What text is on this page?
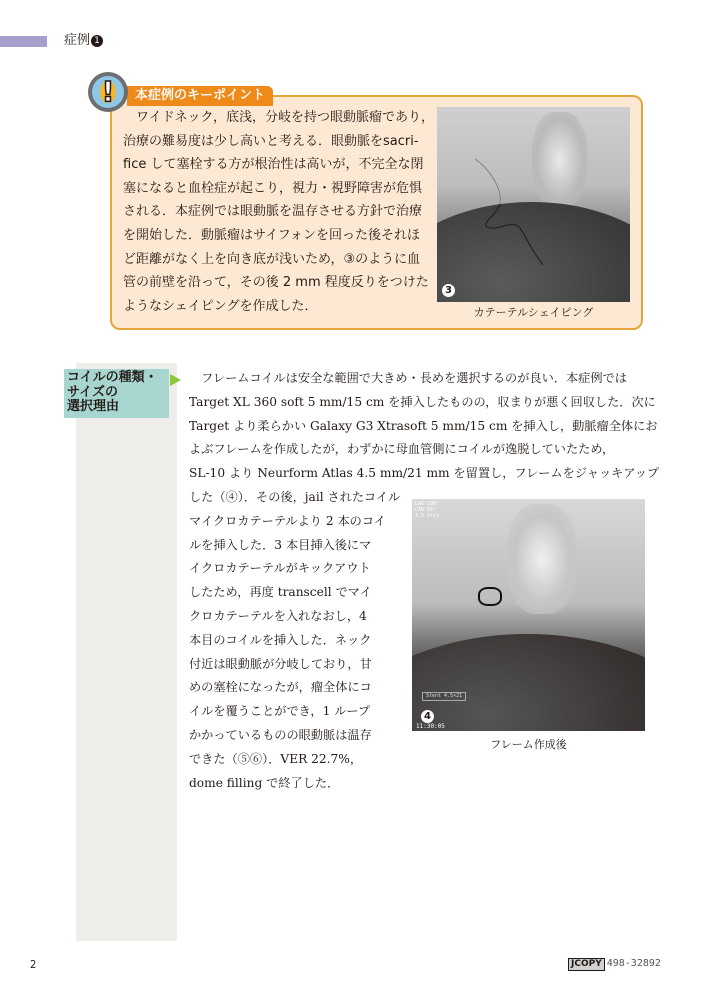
症例 1
!	本症例のキーポイント

　ワイドネック，底浅，分岐を持つ眼動脈瘤であり，

治療の難易度は少し高いと考える．眼動脈をsacri-

fice して塞栓する方が根治性は高いが，不完全な閉

塞になると血栓症が起こり，視力・視野障害が危惧

される．本症例では眼動脈を温存させる方針で治療

を開始した．動脈瘤はサイフォンを回った後それほ

ど距離がなく上を向き底が浅いため，③のように血

管の前壁を沿って，その後 2 mm 程度反りをつけた

ようなシェイピングを作成した．

3
カテーテルシェイピング
コイルの種類・
サイズの
選択理由
　フレームコイルは安全な範囲で大きめ・長めを選択するのが良い．本症例では
Target XL 360 soft 5 mm/15 cm を挿入したものの，収まりが悪く回収した．次に
Target より柔らかい Galaxy G3 Xtrasoft 5 mm/15 cm を挿入し，動脈瘤全体にお
よぶフレームを作成したが，わずかに母血管側にコイルが逸脱していたため，
SL-10 より Neurform Atlas 4.5 mm/21 mm を留置し，フレームをジャッキアップ
した（④）．その後，jail されたコイル
マイクロカテーテルより 2 本のコイ
ルを挿入した．3 本目挿入後にマ
イクロカテーテルがキックアウト
したため，再度 transcell でマイ
クロカテーテルを入れなおし，4
本目のコイルを挿入した．ネック
付近は眼動脈が分岐しており，甘
めの塞栓になったが，瘤全体にコ
イルを覆うことができ，1 ループ
かかっているものの眼動脈は温存
できた（⑤⑥）．VER 22.7%，
dome filling で終了した．
LAO 100°
CAU 16°
3.5 fr/s
Stent 4.5×21
4
11:30:05
フレーム作成後
2	JCOPY 498-32892
